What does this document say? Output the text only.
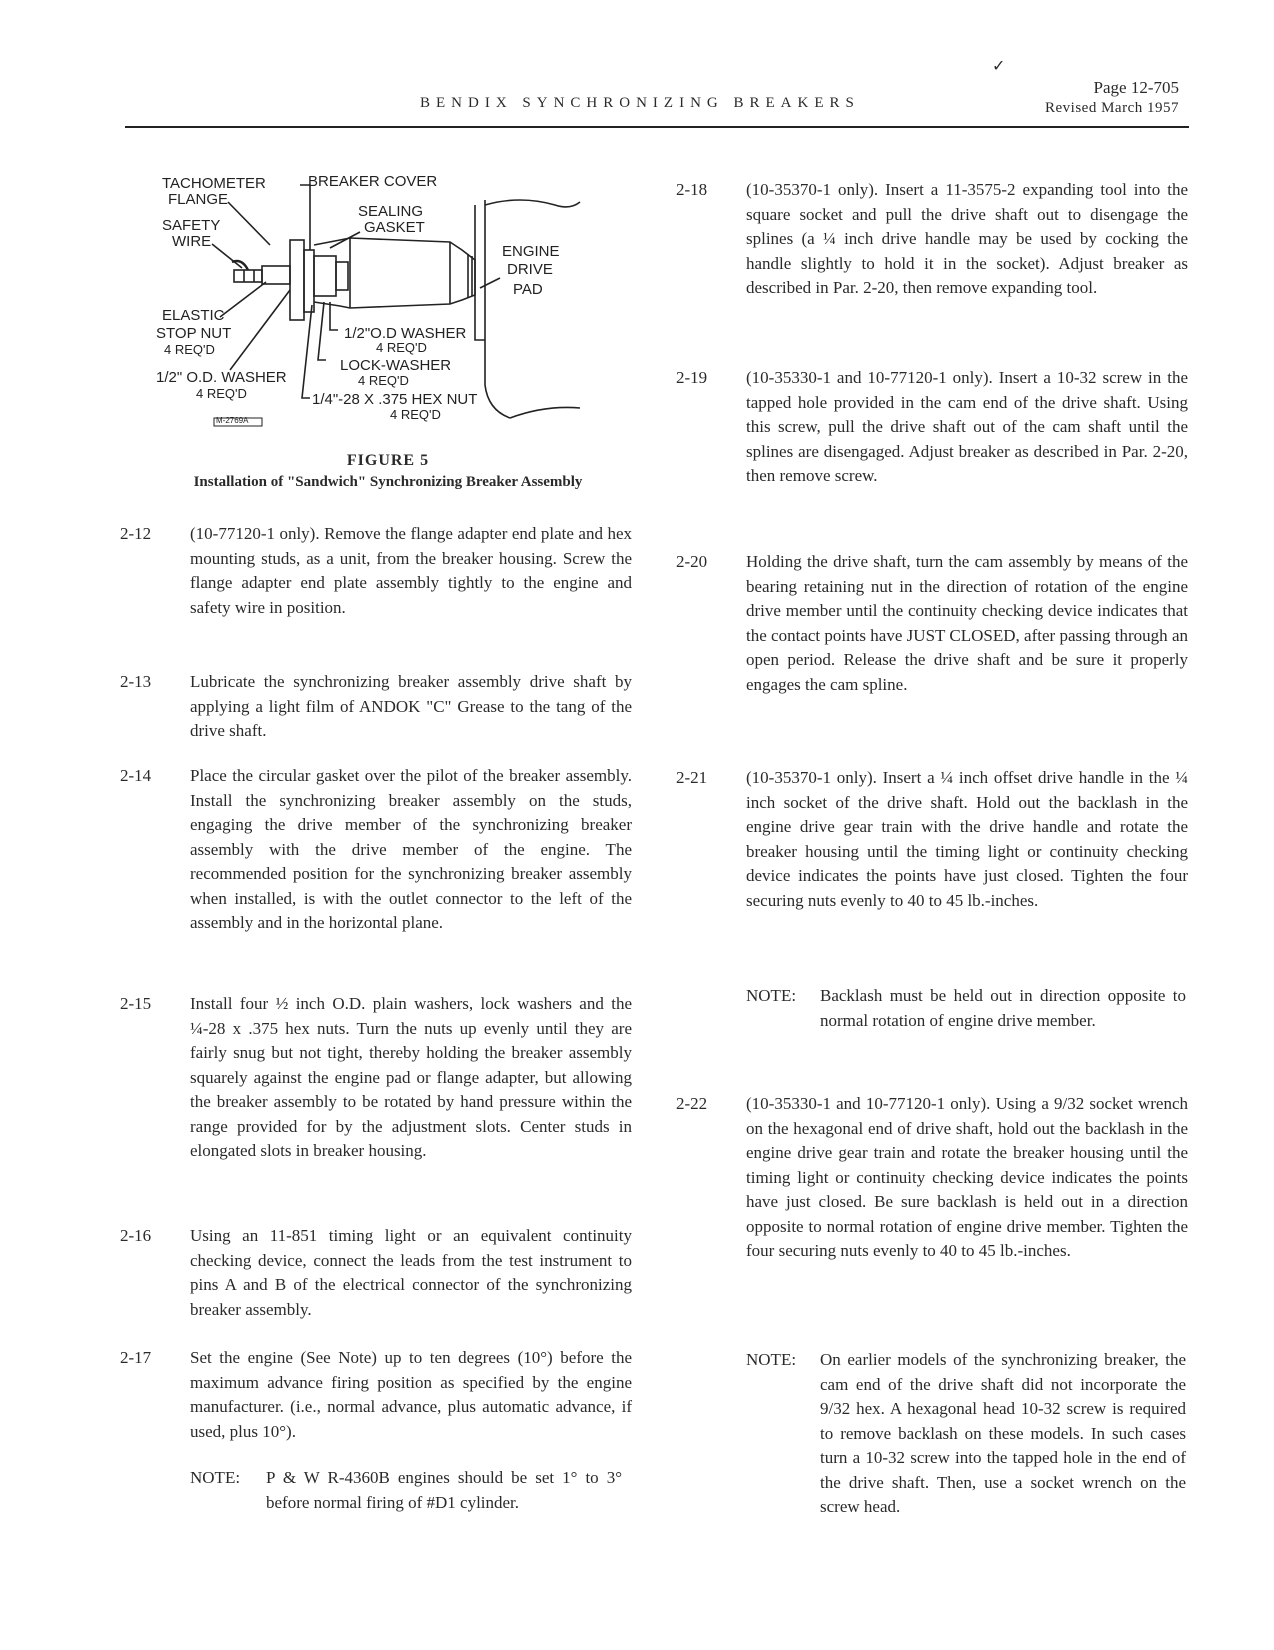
✓
BENDIX SYNCHRONIZING BREAKERS
Page 12-705
Revised March 1957
TACHOMETER
FLANGE
BREAKER COVER
SEALING
GASKET
SAFETY
WIRE
ENGINE
DRIVE
PAD
ELASTIC
STOP NUT
4 REQ'D
1/2"O.D WASHER
4 REQ'D
LOCK-WASHER
4 REQ'D
1/2" O.D. WASHER
4 REQ'D	1/4"-28 X .375 HEX NUT
4 REQ'D
M-2769A
FIGURE 5
Installation of "Sandwich" Synchronizing Breaker Assembly
2-12	(10-77120-1 only). Remove the flange adapter end plate and hex mounting studs, as a unit, from the breaker housing. Screw the flange adapter end plate assembly tightly to the engine and safety wire in position.
2-13	Lubricate the synchronizing breaker assembly drive shaft by applying a light film of ANDOK "C" Grease to the tang of the drive shaft.
2-14	Place the circular gasket over the pilot of the breaker assembly. Install the synchronizing breaker assembly on the studs, engaging the drive member of the synchronizing breaker assembly with the drive member of the engine. The recommended position for the synchronizing breaker assembly when installed, is with the outlet connector to the left of the assembly and in the horizontal plane.
2-15	Install four ½ inch O.D. plain washers, lock washers and the ¼-28 x .375 hex nuts. Turn the nuts up evenly until they are fairly snug but not tight, thereby holding the breaker assembly squarely against the engine pad or flange adapter, but allowing the breaker assembly to be rotated by hand pressure within the range provided for by the adjustment slots. Center studs in elongated slots in breaker housing.
2-16	Using an 11-851 timing light or an equivalent continuity checking device, connect the leads from the test instrument to pins A and B of the electrical connector of the synchronizing breaker assembly.
2-17	Set the engine (See Note) up to ten degrees (10°) before the maximum advance firing position as specified by the engine manufacturer. (i.e., normal advance, plus automatic advance, if used, plus 10°).
NOTE: P & W R-4360B engines should be set 1° to 3° before normal firing of #D1 cylinder.
2-18	(10-35370-1 only). Insert a 11-3575-2 expanding tool into the square socket and pull the drive shaft out to disengage the splines (a ¼ inch drive handle may be used by cocking the handle slightly to hold it in the socket). Adjust breaker as described in Par. 2-20, then remove expanding tool.
2-19	(10-35330-1 and 10-77120-1 only). Insert a 10-32 screw in the tapped hole provided in the cam end of the drive shaft. Using this screw, pull the drive shaft out of the cam shaft until the splines are disengaged. Adjust breaker as described in Par. 2-20, then remove screw.
2-20	Holding the drive shaft, turn the cam assembly by means of the bearing retaining nut in the direction of rotation of the engine drive member until the continuity checking device indicates that the contact points have JUST CLOSED, after passing through an open period. Release the drive shaft and be sure it properly engages the cam spline.
2-21	(10-35370-1 only). Insert a ¼ inch offset drive handle in the ¼ inch socket of the drive shaft. Hold out the backlash in the engine drive gear train with the drive handle and rotate the breaker housing until the timing light or continuity checking device indicates the points have just closed. Tighten the four securing nuts evenly to 40 to 45 lb.-inches.
NOTE: Backlash must be held out in direction opposite to normal rotation of engine drive member.
2-22	(10-35330-1 and 10-77120-1 only). Using a 9/32 socket wrench on the hexagonal end of drive shaft, hold out the backlash in the engine drive gear train and rotate the breaker housing until the timing light or continuity checking device indicates the points have just closed. Be sure backlash is held out in a direction opposite to normal rotation of engine drive member. Tighten the four securing nuts evenly to 40 to 45 lb.-inches.
NOTE: On earlier models of the synchronizing breaker, the cam end of the drive shaft did not incorporate the 9/32 hex. A hexagonal head 10-32 screw is required to remove backlash on these models. In such cases turn a 10-32 screw into the tapped hole in the end of the drive shaft. Then, use a socket wrench on the screw head.
